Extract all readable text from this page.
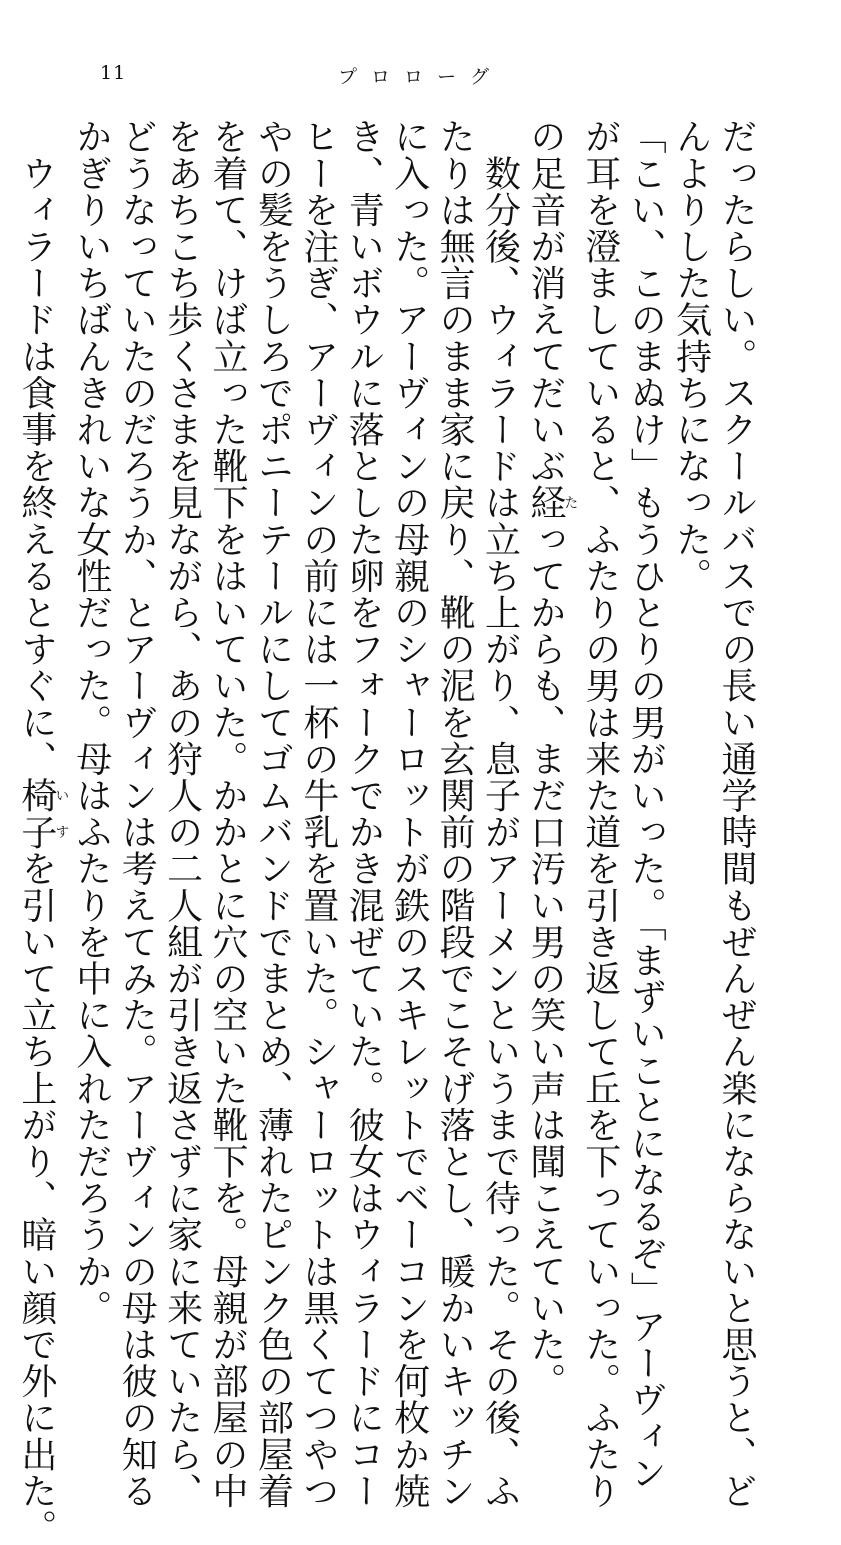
11	プロローグ
だったらしい。スクールバスでの長い通学時間もぜんぜん楽にならないと思うと、ど
んよりした気持ちになった。
「こい、このまぬけ」もうひとりの男がいった。「まずいことになるぞ」アーヴィン
が耳を澄ましていると、ふたりの男は来た道を引き返して丘を下っていった。ふたり
の足音が消えてだいぶ経たってからも、まだ口汚い男の笑い声は聞こえていた。
　数分後、ウィラードは立ち上がり、息子がアーメンというまで待った。その後、ふ
たりは無言のまま家に戻り、靴の泥を玄関前の階段でこそげ落とし、暖かいキッチン
に入った。アーヴィンの母親のシャーロットが鉄のスキレットでベーコンを何枚か焼
き、青いボウルに落とした卵をフォークでかき混ぜていた。彼女はウィラードにコー
ヒーを注ぎ、アーヴィンの前には一杯の牛乳を置いた。シャーロットは黒くてつやつ
やの髪をうしろでポニーテールにしてゴムバンドでまとめ、薄れたピンク色の部屋着
を着て、けば立った靴下をはいていた。かかとに穴の空いた靴下を。母親が部屋の中
をあちこち歩くさまを見ながら、あの狩人の二人組が引き返さずに家に来ていたら、
どうなっていたのだろうか、とアーヴィンは考えてみた。アーヴィンの母は彼の知る
かぎりいちばんきれいな女性だった。母はふたりを中に入れただろうか。
　ウィラードは食事を終えるとすぐに、椅子いすを引いて立ち上がり、暗い顔で外に出た。
